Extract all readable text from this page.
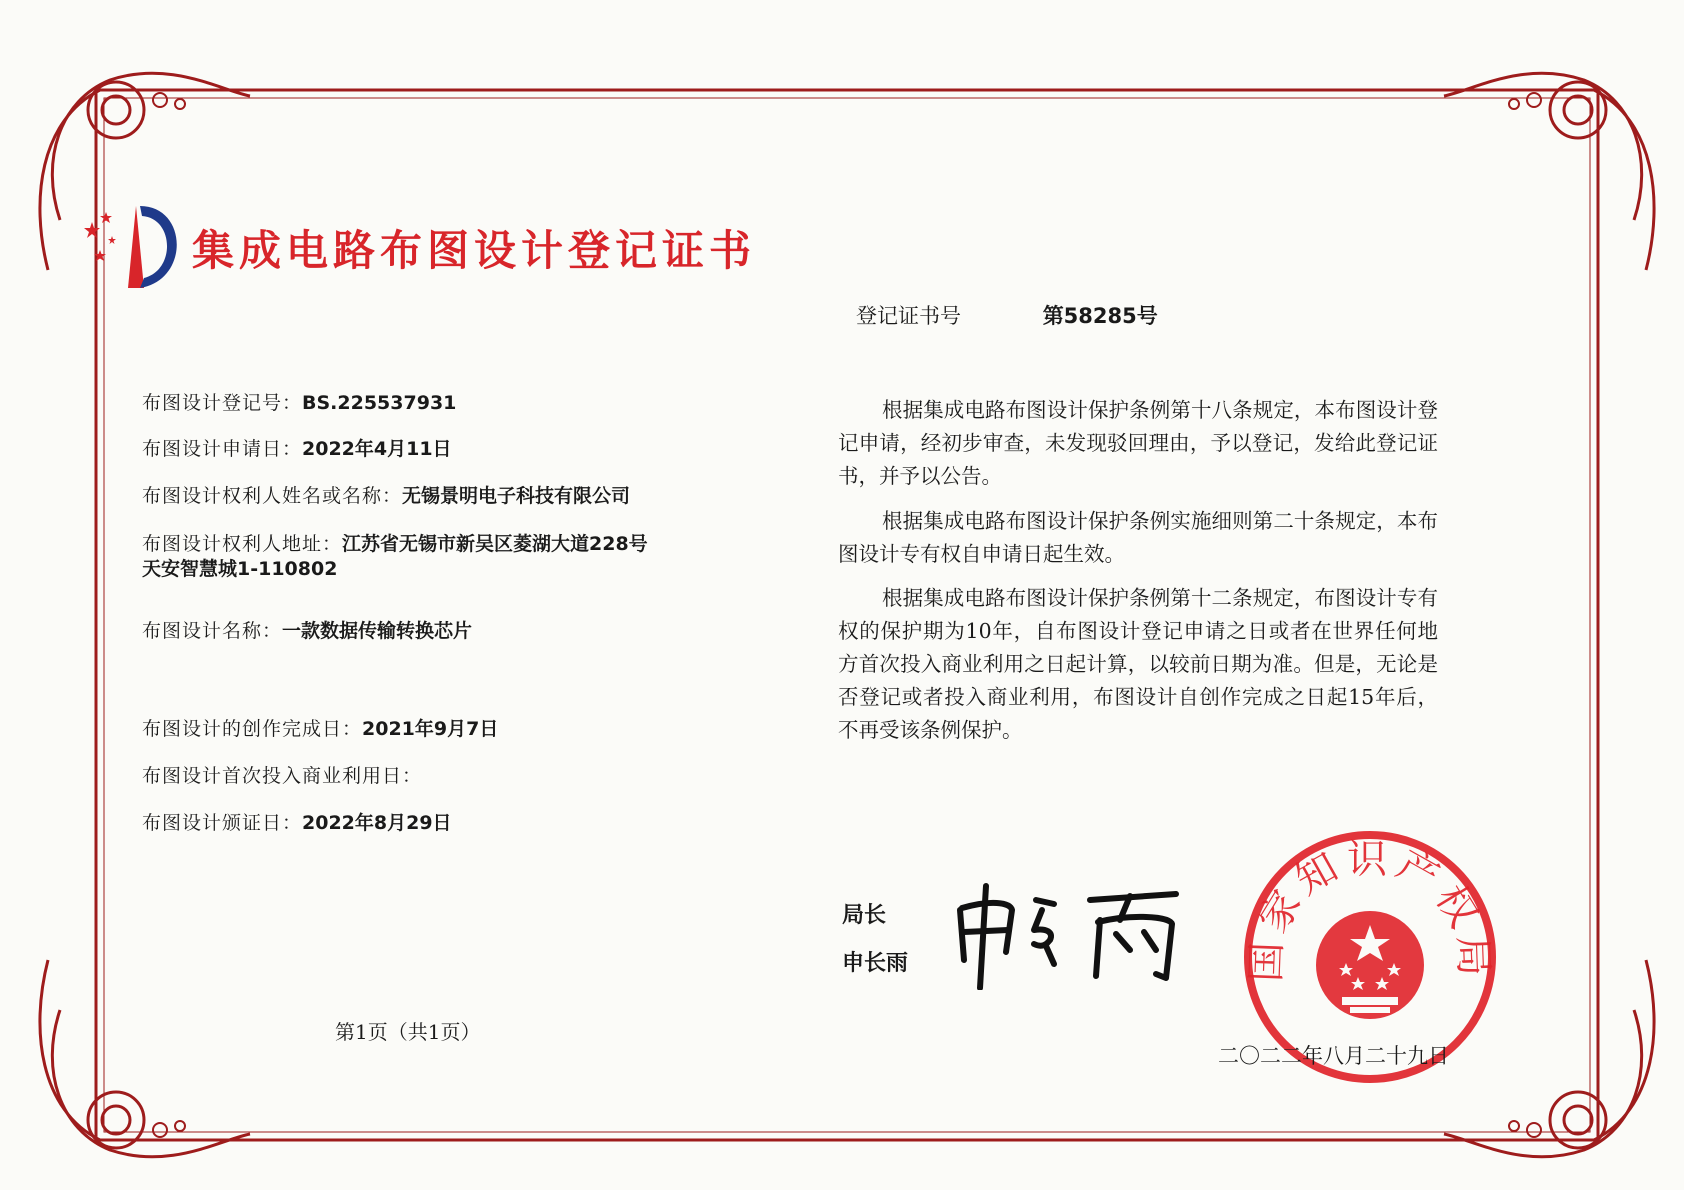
集成电路布图设计登记证书
登记证书号	第58285号
布图设计登记号：BS.225537931
布图设计申请日：2022年4月11日
布图设计权利人姓名或名称：无锡景明电子科技有限公司
布图设计权利人地址：江苏省无锡市新吴区菱湖大道228号天安智慧城1-110802
布图设计名称：一款数据传输转换芯片
布图设计的创作完成日：2021年9月7日
布图设计首次投入商业利用日：
布图设计颁证日：2022年8月29日
根据集成电路布图设计保护条例第十八条规定，本布图设计登记申请，经初步审查，未发现驳回理由，予以登记，发给此登记证书，并予以公告。
根据集成电路布图设计保护条例实施细则第二十条规定，本布图设计专有权自申请日起生效。
根据集成电路布图设计保护条例第十二条规定，布图设计专有权的保护期为10年，自布图设计登记申请之日或者在世界任何地方首次投入商业利用之日起计算，以较前日期为准。但是，无论是否登记或者投入商业利用，布图设计自创作完成之日起15年后，不再受该条例保护。
局长
申长雨	国家知识产权局
二〇二二年八月二十九日
第1页（共1页）
